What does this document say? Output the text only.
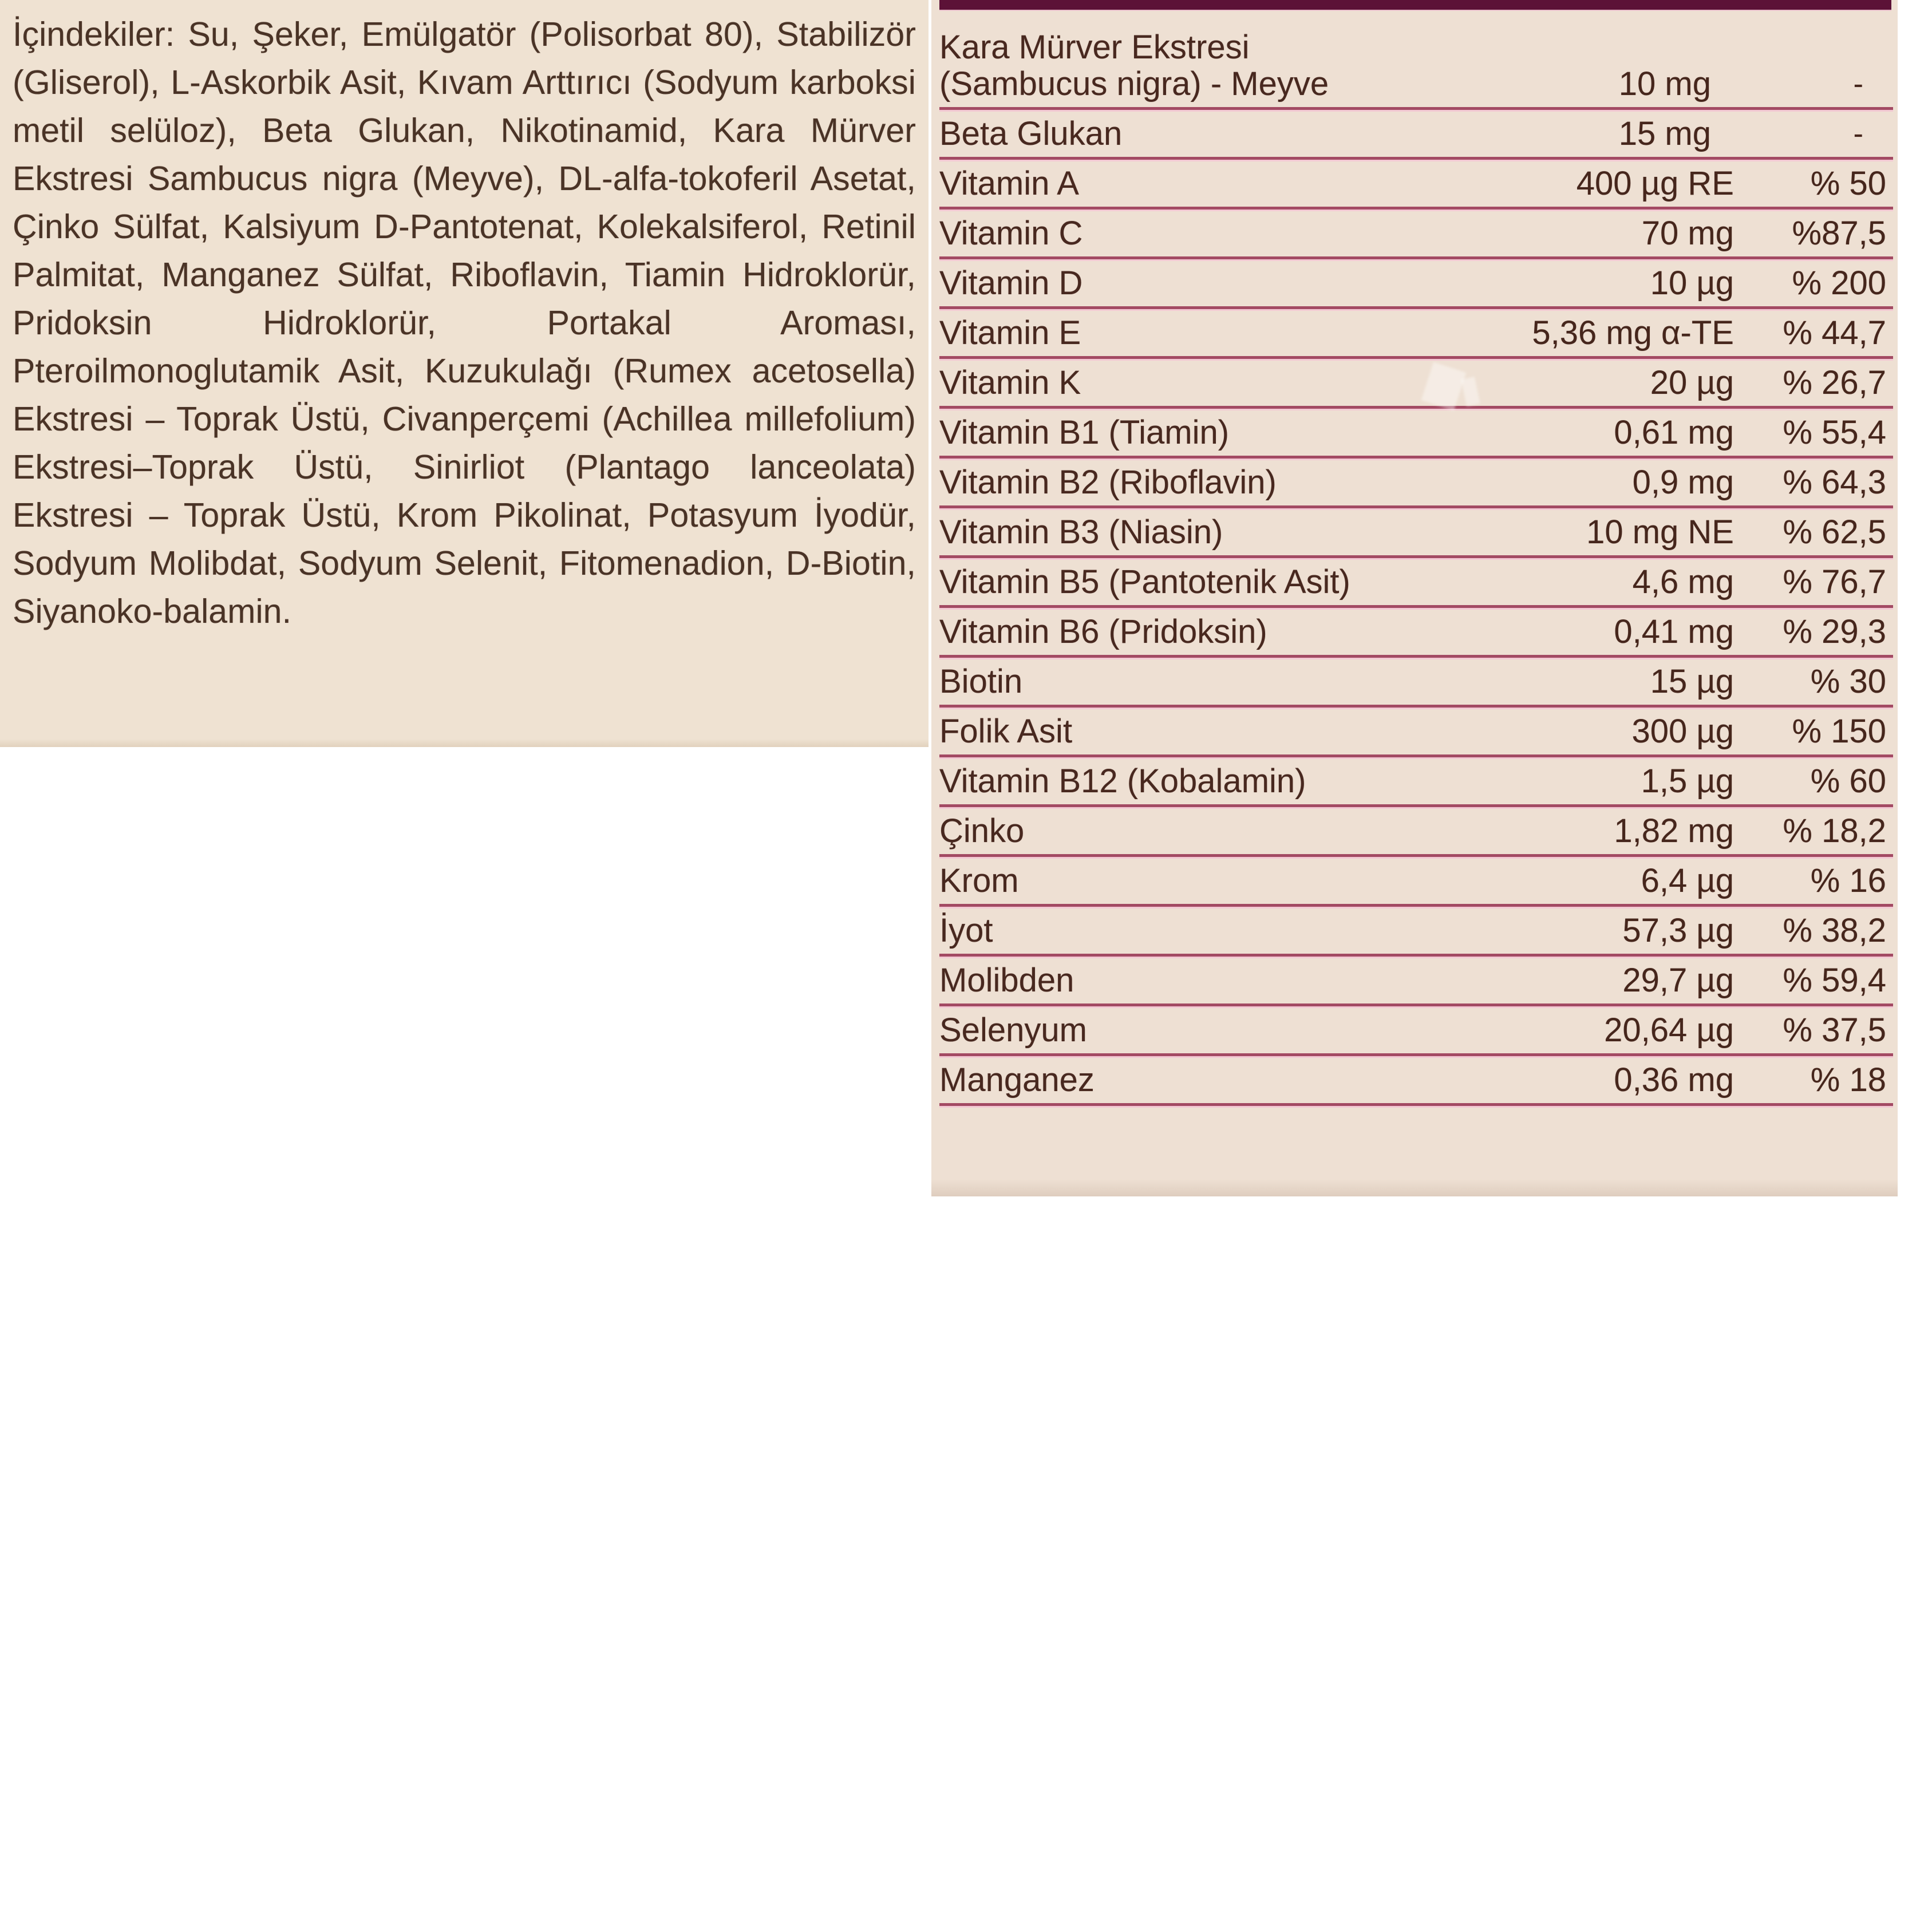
İçindekiler: Su, Şeker, Emülgatör (Polisorbat 80), Stabilizör (Gliserol), L-Askorbik Asit, Kıvam Arttırıcı (Sodyum karboksi metil selüloz), Beta Glukan, Nikotinamid, Kara Mürver Ekstresi Sambucus nigra (Meyve), DL-alfa-tokoferil Asetat, Çinko Sülfat, Kalsiyum D-Pantotenat, Kolekalsiferol, Retinil Palmitat, Manganez Sülfat, Riboflavin, Tiamin Hidroklorür, Pridoksin Hidroklorür, Portakal Aroması, Pteroilmonoglutamik Asit, Kuzukulağı (Rumex acetosella) Ekstresi – Toprak Üstü, Civanperçemi (Achillea millefolium) Ekstresi–Toprak Üstü, Sinirliot (Plantago lanceolata) Ekstresi – Toprak Üstü, Krom Pikolinat, Potasyum İyodür, Sodyum Molibdat, Sodyum Selenit, Fitomenadion, D-Biotin, Siyanoko-balamin.
Kara Mürver Ekstresi
(Sambucus nigra) - Meyve	10 mg	-
Beta Glukan	15 mg	-
Vitamin A	400 µg RE	% 50
Vitamin C	70 mg	%87,5
Vitamin D	10 µg	% 200
Vitamin E	5,36 mg α-TE	% 44,7
Vitamin K	20 µg	% 26,7
Vitamin B1 (Tiamin)	0,61 mg	% 55,4
Vitamin B2 (Riboflavin)	0,9 mg	% 64,3
Vitamin B3 (Niasin)	10 mg NE	% 62,5
Vitamin B5 (Pantotenik Asit)	4,6 mg	% 76,7
Vitamin B6 (Pridoksin)	0,41 mg	% 29,3
Biotin	15 µg	% 30
Folik Asit	300 µg	% 150
Vitamin B12 (Kobalamin)	1,5 µg	% 60
Çinko	1,82 mg	% 18,2
Krom	6,4 µg	% 16
İyot	57,3 µg	% 38,2
Molibden	29,7 µg	% 59,4
Selenyum	20,64 µg	% 37,5
Manganez	0,36 mg	% 18
